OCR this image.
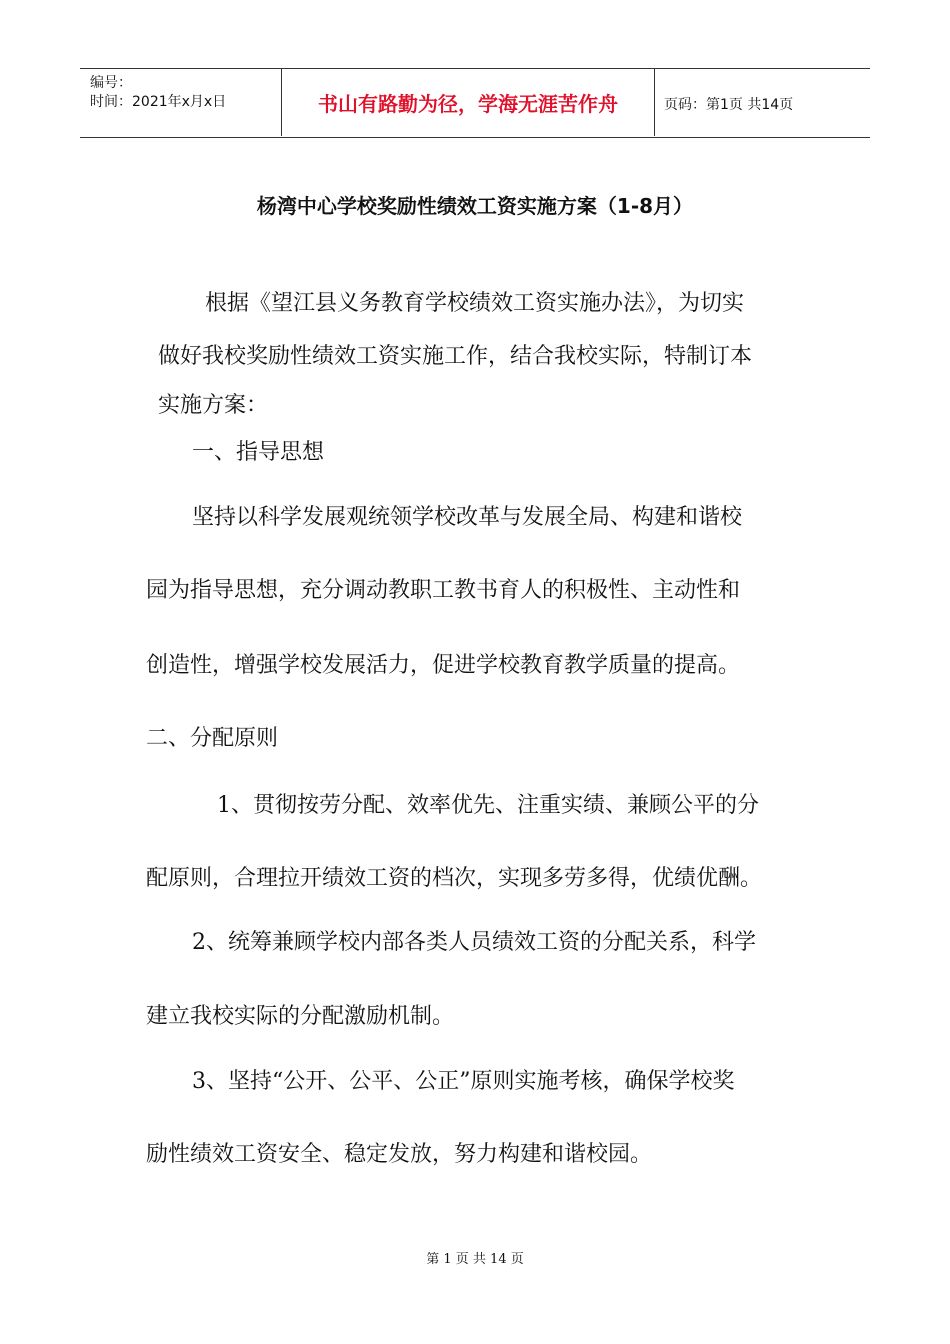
编号：
时间：2021年x月x日	书山有路勤为径，学海无涯苦作舟	页码：第1页 共14页
杨湾中心学校奖励性绩效工资实施方案（1-8月）
根据《望江县义务教育学校绩效工资实施办法》，为切实
做好我校奖励性绩效工资实施工作，结合我校实际，特制订本
实施方案：
一、指导思想
坚持以科学发展观统领学校改革与发展全局、构建和谐校
园为指导思想，充分调动教职工教书育人的积极性、主动性和
创造性，增强学校发展活力，促进学校教育教学质量的提高。
二、分配原则
1、贯彻按劳分配、效率优先、注重实绩、兼顾公平的分
配原则，合理拉开绩效工资的档次，实现多劳多得，优绩优酬。
2、统筹兼顾学校内部各类人员绩效工资的分配关系，科学
建立我校实际的分配激励机制。
3、坚持“公开、公平、公正”原则实施考核，确保学校奖
励性绩效工资安全、稳定发放，努力构建和谐校园。
第 1 页 共 14 页
